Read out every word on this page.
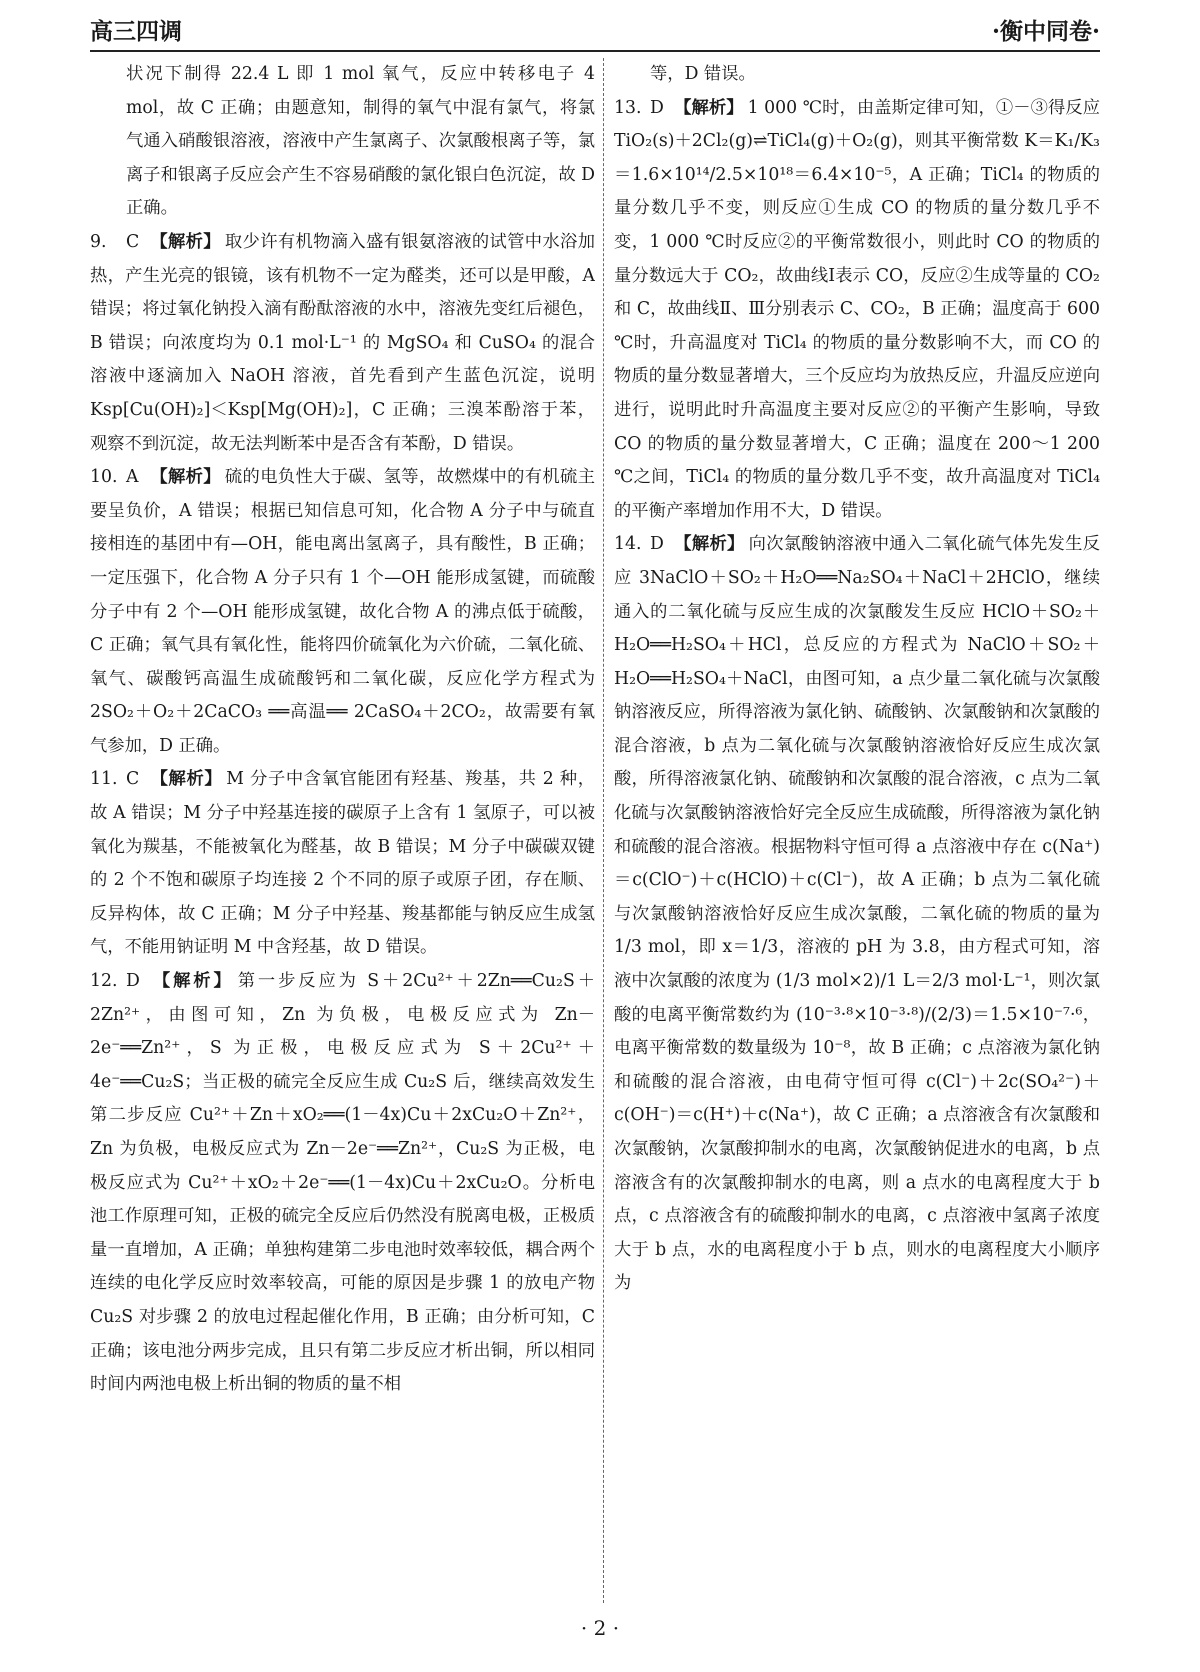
高三四调	·衡中同卷·

状况下制得 22.4 L 即 1 mol 氧气，反应中转移电子 4 mol，故 C 正确；由题意知，制得的氧气中混有氯气，将氯气通入硝酸银溶液，溶液中产生氯离子、次氯酸根离子等，氯离子和银离子反应会产生不容易硝酸的氯化银白色沉淀，故 D 正确。

9. C 【解析】 取少许有机物滴入盛有银氨溶液的试管中水浴加热，产生光亮的银镜，该有机物不一定为醛类，还可以是甲酸，A 错误；将过氧化钠投入滴有酚酞溶液的水中，溶液先变红后褪色，B 错误；向浓度均为 0.1 mol·L⁻¹ 的 MgSO₄ 和 CuSO₄ 的混合溶液中逐滴加入 NaOH 溶液，首先看到产生蓝色沉淀，说明 Ksp[Cu(OH)₂]＜Ksp[Mg(OH)₂]，C 正确；三溴苯酚溶于苯，观察不到沉淀，故无法判断苯中是否含有苯酚，D 错误。

10. A 【解析】 硫的电负性大于碳、氢等，故燃煤中的有机硫主要呈负价，A 错误；根据已知信息可知，化合物 A 分子中与硫直接相连的基团中有—OH，能电离出氢离子，具有酸性，B 正确；一定压强下，化合物 A 分子只有 1 个—OH 能形成氢键，而硫酸分子中有 2 个—OH 能形成氢键，故化合物 A 的沸点低于硫酸，C 正确；氧气具有氧化性，能将四价硫氧化为六价硫，二氧化硫、氧气、碳酸钙高温生成硫酸钙和二氧化碳，反应化学方程式为 2SO₂＋O₂＋2CaCO₃ ══高温══ 2CaSO₄＋2CO₂，故需要有氧气参加，D 正确。

11. C 【解析】 M 分子中含氧官能团有羟基、羧基，共 2 种，故 A 错误；M 分子中羟基连接的碳原子上含有 1 氢原子，可以被氧化为羰基，不能被氧化为醛基，故 B 错误；M 分子中碳碳双键的 2 个不饱和碳原子均连接 2 个不同的原子或原子团，存在顺、反异构体，故 C 正确；M 分子中羟基、羧基都能与钠反应生成氢气，不能用钠证明 M 中含羟基，故 D 错误。

12. D 【解析】 第一步反应为 S＋2Cu²⁺＋2Zn══Cu₂S＋2Zn²⁺，由图可知，Zn 为负极，电极反应式为 Zn－2e⁻══Zn²⁺，S 为正极，电极反应式为 S＋2Cu²⁺＋4e⁻══Cu₂S；当正极的硫完全反应生成 Cu₂S 后，继续高效发生第二步反应 Cu²⁺＋Zn＋xO₂══(1－4x)Cu＋2xCu₂O＋Zn²⁺，Zn 为负极，电极反应式为 Zn－2e⁻══Zn²⁺，Cu₂S 为正极，电极反应式为 Cu²⁺＋xO₂＋2e⁻══(1－4x)Cu＋2xCu₂O。分析电池工作原理可知，正极的硫完全反应后仍然没有脱离电极，正极质量一直增加，A 正确；单独构建第二步电池时效率较低，耦合两个连续的电化学反应时效率较高，可能的原因是步骤 1 的放电产物 Cu₂S 对步骤 2 的放电过程起催化作用，B 正确；由分析可知，C 正确；该电池分两步完成，且只有第二步反应才析出铜，所以相同时间内两池电极上析出铜的物质的量不相

等，D 错误。

13. D 【解析】 1 000 ℃时，由盖斯定律可知，①－③得反应 TiO₂(s)＋2Cl₂(g)⇌TiCl₄(g)＋O₂(g)，则其平衡常数 K＝K₁/K₃＝1.6×10¹⁴/2.5×10¹⁸＝6.4×10⁻⁵，A 正确；TiCl₄ 的物质的量分数几乎不变，则反应①生成 CO 的物质的量分数几乎不变，1 000 ℃时反应②的平衡常数很小，则此时 CO 的物质的量分数远大于 CO₂，故曲线Ⅰ表示 CO，反应②生成等量的 CO₂ 和 C，故曲线Ⅱ、Ⅲ分别表示 C、CO₂，B 正确；温度高于 600 ℃时，升高温度对 TiCl₄ 的物质的量分数影响不大，而 CO 的物质的量分数显著增大，三个反应均为放热反应，升温反应逆向进行，说明此时升高温度主要对反应②的平衡产生影响，导致 CO 的物质的量分数显著增大，C 正确；温度在 200～1 200 ℃之间，TiCl₄ 的物质的量分数几乎不变，故升高温度对 TiCl₄ 的平衡产率增加作用不大，D 错误。

14. D 【解析】 向次氯酸钠溶液中通入二氧化硫气体先发生反应 3NaClO＋SO₂＋H₂O══Na₂SO₄＋NaCl＋2HClO，继续通入的二氧化硫与反应生成的次氯酸发生反应 HClO＋SO₂＋H₂O══H₂SO₄＋HCl，总反应的方程式为 NaClO＋SO₂＋H₂O══H₂SO₄＋NaCl，由图可知，a 点少量二氧化硫与次氯酸钠溶液反应，所得溶液为氯化钠、硫酸钠、次氯酸钠和次氯酸的混合溶液，b 点为二氧化硫与次氯酸钠溶液恰好反应生成次氯酸，所得溶液氯化钠、硫酸钠和次氯酸的混合溶液，c 点为二氧化硫与次氯酸钠溶液恰好完全反应生成硫酸，所得溶液为氯化钠和硫酸的混合溶液。根据物料守恒可得 a 点溶液中存在 c(Na⁺)＝c(ClO⁻)＋c(HClO)＋c(Cl⁻)，故 A 正确；b 点为二氧化硫与次氯酸钠溶液恰好反应生成次氯酸，二氧化硫的物质的量为 1/3 mol，即 x＝1/3，溶液的 pH 为 3.8，由方程式可知，溶液中次氯酸的浓度为 (1/3 mol×2)/1 L＝2/3 mol·L⁻¹，则次氯酸的电离平衡常数约为 (10⁻³·⁸×10⁻³·⁸)/(2/3)＝1.5×10⁻⁷·⁶，电离平衡常数的数量级为 10⁻⁸，故 B 正确；c 点溶液为氯化钠和硫酸的混合溶液，由电荷守恒可得 c(Cl⁻)＋2c(SO₄²⁻)＋c(OH⁻)＝c(H⁺)＋c(Na⁺)，故 C 正确；a 点溶液含有次氯酸和次氯酸钠，次氯酸抑制水的电离，次氯酸钠促进水的电离，b 点溶液含有的次氯酸抑制水的电离，则 a 点水的电离程度大于 b 点，c 点溶液含有的硫酸抑制水的电离，c 点溶液中氢离子浓度大于 b 点，水的电离程度小于 b 点，则水的电离程度大小顺序为

· 2 ·
